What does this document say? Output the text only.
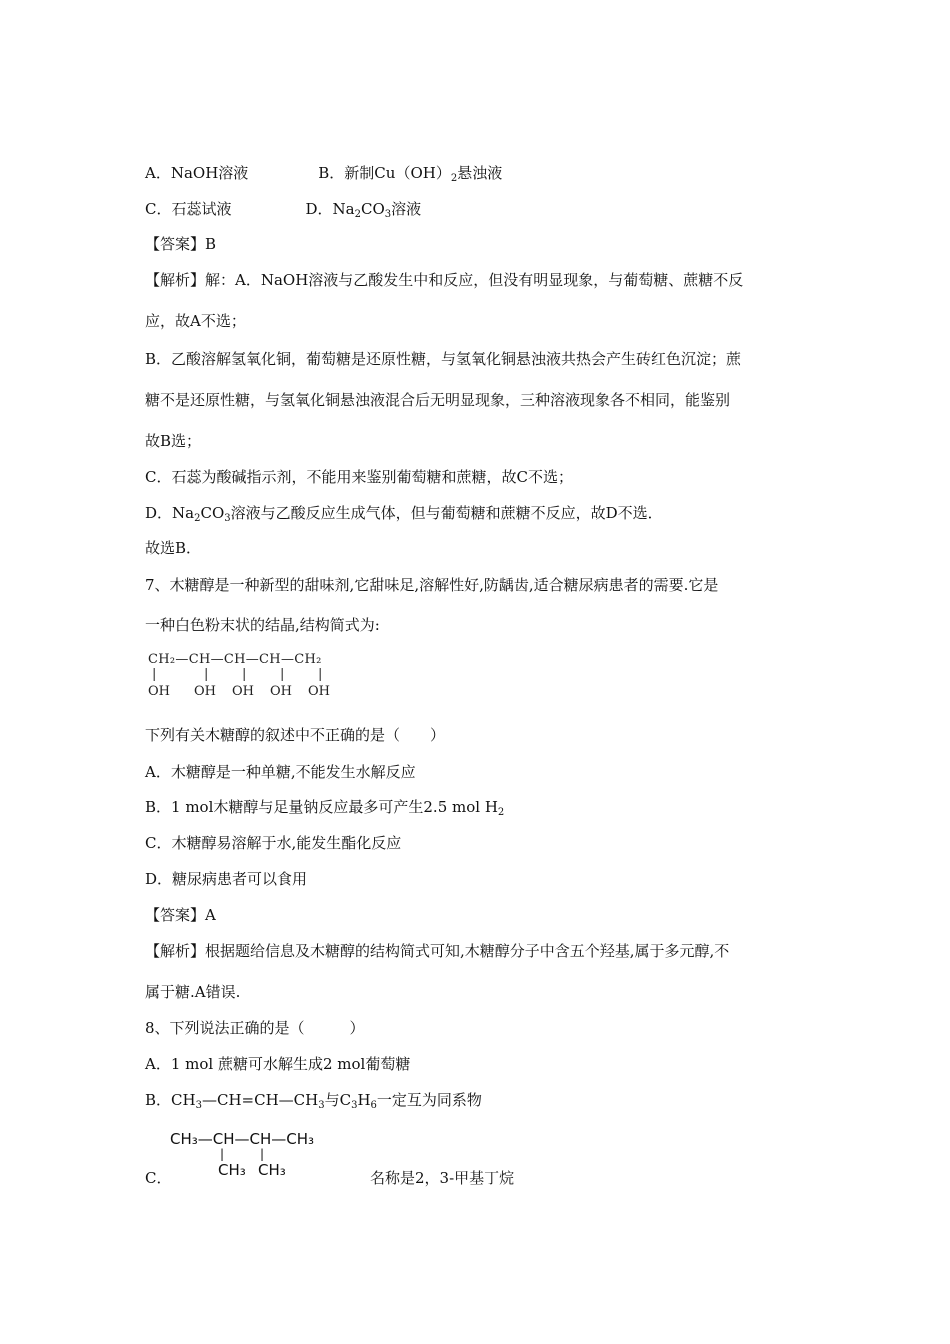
A．NaOH溶液	B．新制$Cu(OH)_2$悬浊液
C．石蕊试液	D．$Na_2CO_3$溶液
【答案】B
【解析】解：A．NaOH溶液与乙酸发生中和反应，但没有明显现象，与葡萄糖、蔗糖不反
应，故A不选；
B．乙酸溶解氢氧化铜，葡萄糖是还原性糖，与氢氧化铜悬浊液共热会产生砖红色沉淀；蔗
糖不是还原性糖，与氢氧化铜悬浊液混合后无明显现象，三种溶液现象各不相同，能鉴别
故B选；
C．石蕊为酸碱指示剂，不能用来鉴别葡萄糖和蔗糖，故C不选；
D．$Na_2CO_3$溶液与乙酸反应生成气体，但与葡萄糖和蔗糖不反应，故D不选．
故选B．
7、木糖醇是一种新型的甜味剂,它甜味足,溶解性好,防龋齿,适合糖尿病患者的需要.它是
一种白色粉末状的结晶,结构简式为:
CH₂—CH—CH—CH—CH₂
|	|	|	|	|
OH OH OH OH OH
下列有关木糖醇的叙述中不正确的是（　　）
A．木糖醇是一种单糖,不能发生水解反应
B．1 mol木糖醇与足量钠反应最多可产生2.5 mol $H_2$
C．木糖醇易溶解于水,能发生酯化反应
D．糖尿病患者可以食用
【答案】A
【解析】根据题给信息及木糖醇的结构简式可知,木糖醇分子中含五个羟基,属于多元醇,不
属于糖.A错误.
8、下列说法正确的是（　　　）
A．1 mol 蔗糖可水解生成2 mol葡萄糖
B．$CH_3—CH=CH—CH_3$与$C_3H_6$一定互为同系物
CH₃—CH—CH—CH₃
|	|
CH₃ CH₃
C．	名称是2，3-甲基丁烷
